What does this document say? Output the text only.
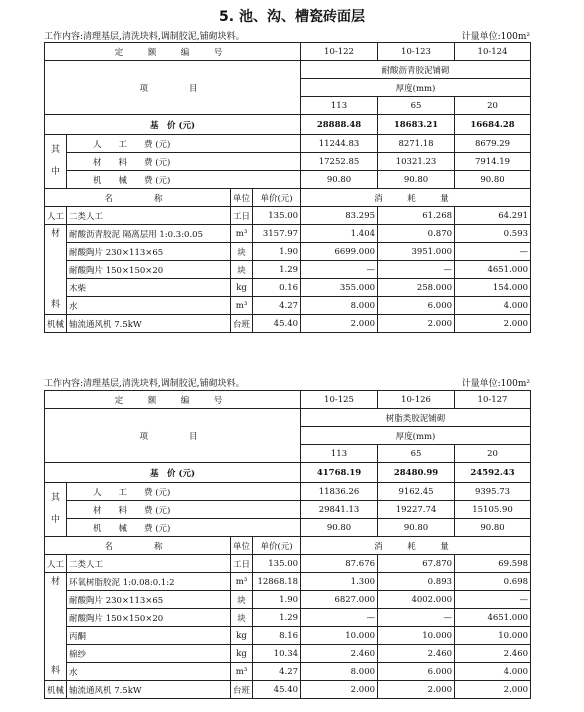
5. 池、沟、槽瓷砖面层
工作内容:清理基层,清洗块料,调制胶泥,铺砌块料。	计量单位:100m²
定　额　编　号				10-122	10-123	10-124
项　　目				耐酸沥青胶泥铺砌		
				厚度(mm)		
				113	65	20
基　价 (元)				28888.48	18683.21	16684.28
其

中	人　　工　　费 (元)			11244.83	8271.18	8679.29
	材　　料　　费 (元)			17252.85	10321.23	7914.19
	机　　械　　费 (元)			90.80	90.80	90.80
名　　称		单位	单价(元)	消　耗　量		
人工	二类人工	工日	135.00	83.295	61.268	64.291

材
料	耐酸沥青胶泥 隔离层用 1:0.3:0.05	m³	3157.97	1.404	0.870	0.593
	耐酸陶片 230×113×65	块	1.90	6699.000	3951.000	—
	耐酸陶片 150×150×20	块	1.29	—	—	4651.000
	木柴	kg	0.16	355.000	258.000	154.000
	水	m³	4.27	8.000	6.000	4.000
机械	轴流通风机 7.5kW	台班	45.40	2.000	2.000	2.000
工作内容:清理基层,清洗块料,调制胶泥,铺砌块料。	计量单位:100m²
定　额　编　号				10-125	10-126	10-127
项　　目				树脂类胶泥铺砌		
				厚度(mm)		
				113	65	20
基　价 (元)				41768.19	28480.99	24592.43
其

中	人　　工　　费 (元)			11836.26	9162.45	9395.73
	材　　料　　费 (元)			29841.13	19227.74	15105.90
	机　　械　　费 (元)			90.80	90.80	90.80
名　　称		单位	单价(元)	消　耗　量		
人工	二类人工	工日	135.00	87.676	67.870	69.598

材
料	环氧树脂胶泥 1:0.08:0.1:2	m³	12868.18	1.300	0.893	0.698
	耐酸陶片 230×113×65	块	1.90	6827.000	4002.000	—
	耐酸陶片 150×150×20	块	1.29	—	—	4651.000
	丙酮	kg	8.16	10.000	10.000	10.000
	棉纱	kg	10.34	2.460	2.460	2.460
	水	m³	4.27	8.000	6.000	4.000
机械	轴流通风机 7.5kW	台班	45.40	2.000	2.000	2.000
